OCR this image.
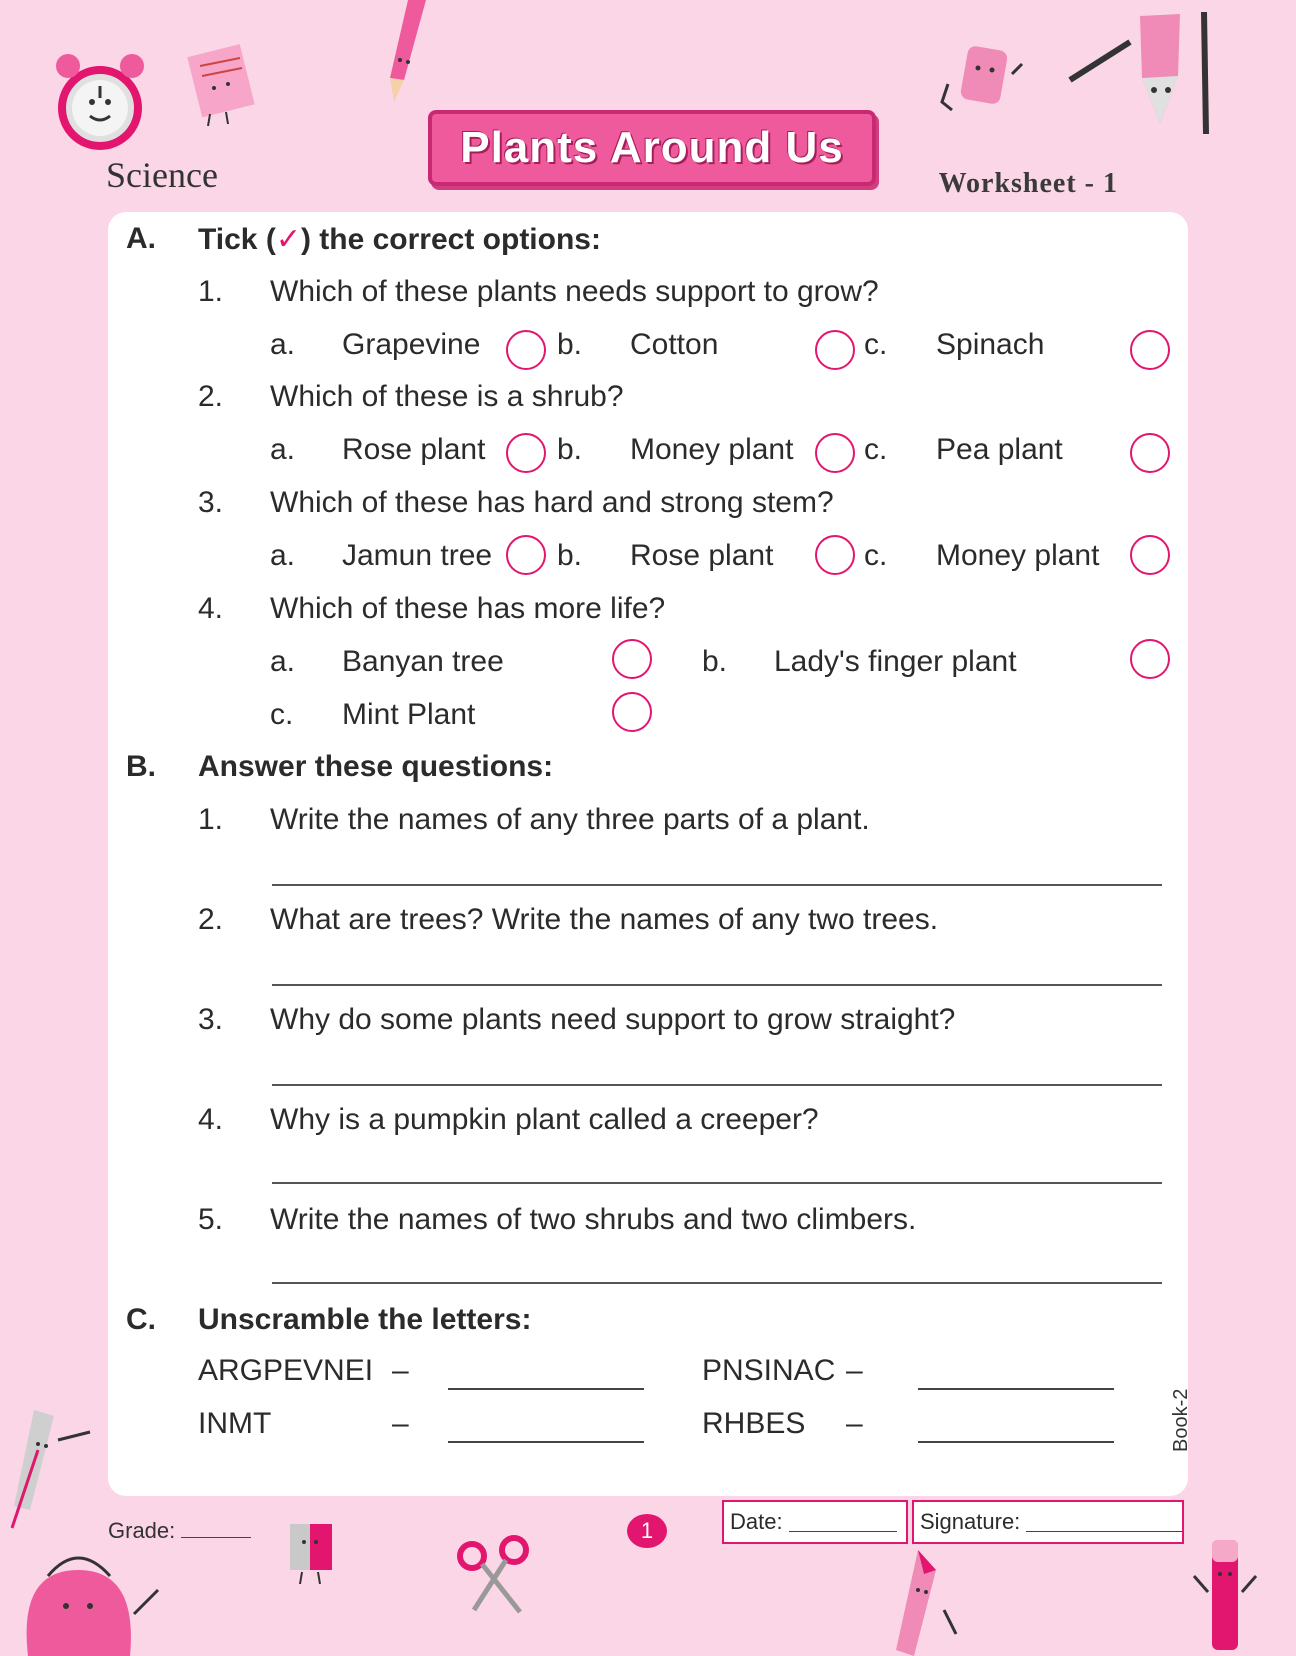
Science
Plants Around Us
Worksheet - 1
A. Tick (✓) the correct options:
1. Which of these plants needs support to grow?
a. Grapevine	b. Cotton	c. Spinach
2. Which of these is a shrub?
a. Rose plant b. Money plant c. Pea plant
3. Which of these has hard and strong stem?
a. Jamun tree b. Rose plant	c. Money plant
4. Which of these has more life?
a. Banyan tree	b. Lady's finger plant
c. Mint Plant
B. Answer these questions:
1. Write the names of any three parts of a plant.
2. What are trees? Write the names of any two trees.
3. Why do some plants need support to grow straight?
4. Why is a pumpkin plant called a creeper?
5. Write the names of two shrubs and two climbers.
C. Unscramble the letters:
ARGPEVNEI –	PNSINAC –
INMT	–	RHBES –	Book-2
Grade:	1	Date:	Signature:
